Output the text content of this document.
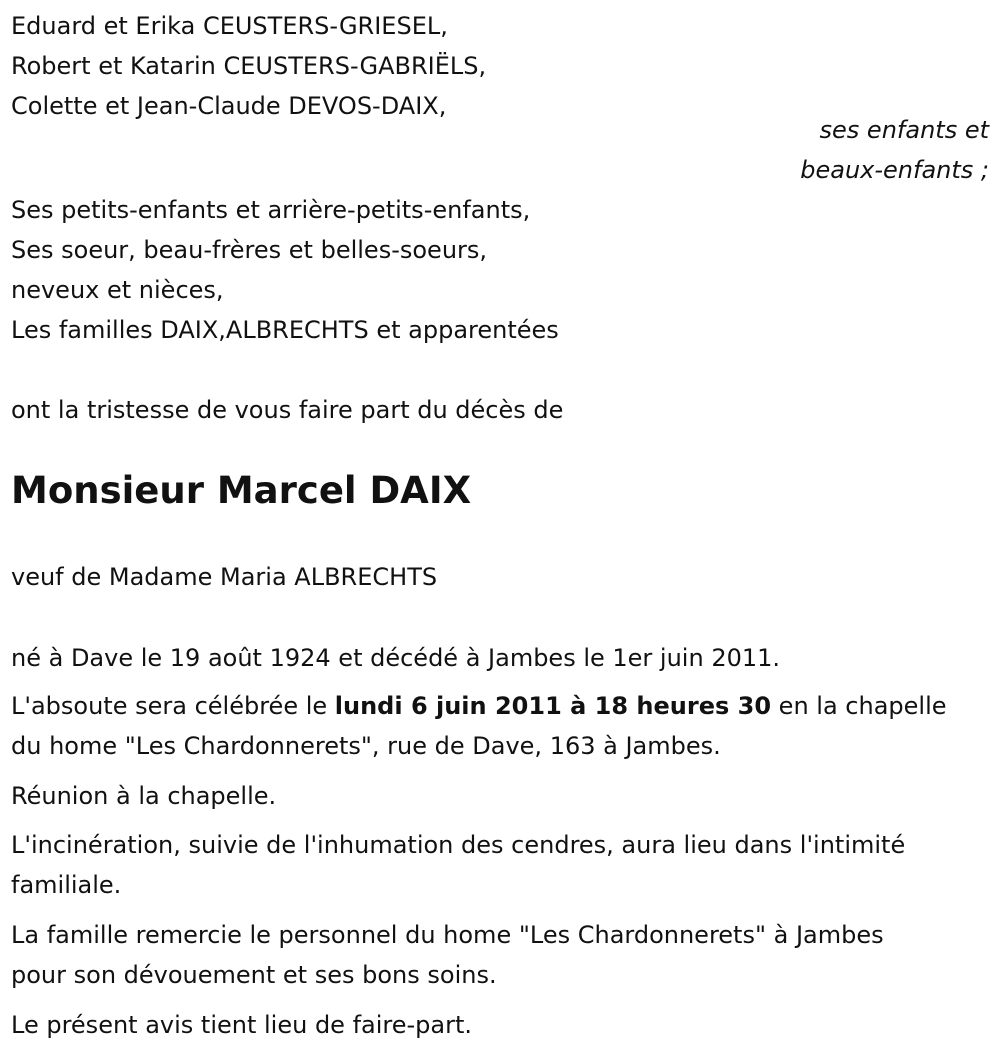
Eduard et Erika CEUSTERS-GRIESEL,
Robert et Katarin CEUSTERS-GABRIËLS,
Colette et Jean-Claude DEVOS-DAIX,
ses enfants et
beaux-enfants ;
Ses petits-enfants et arrière-petits-enfants,
Ses soeur, beau-frères et belles-soeurs,
neveux et nièces,
Les familles DAIX,ALBRECHTS et apparentées
ont la tristesse de vous faire part du décès de
Monsieur Marcel DAIX
veuf de Madame Maria ALBRECHTS
né à Dave le 19 août 1924 et décédé à Jambes le 1er juin 2011.
L'absoute sera célébrée le lundi 6 juin 2011 à 18 heures 30 en la chapelle
du home "Les Chardonnerets", rue de Dave, 163 à Jambes.
Réunion à la chapelle.
L'incinération, suivie de l'inhumation des cendres, aura lieu dans l'intimité
familiale.
La famille remercie le personnel du home "Les Chardonnerets" à Jambes
pour son dévouement et ses bons soins.
Le présent avis tient lieu de faire-part.
